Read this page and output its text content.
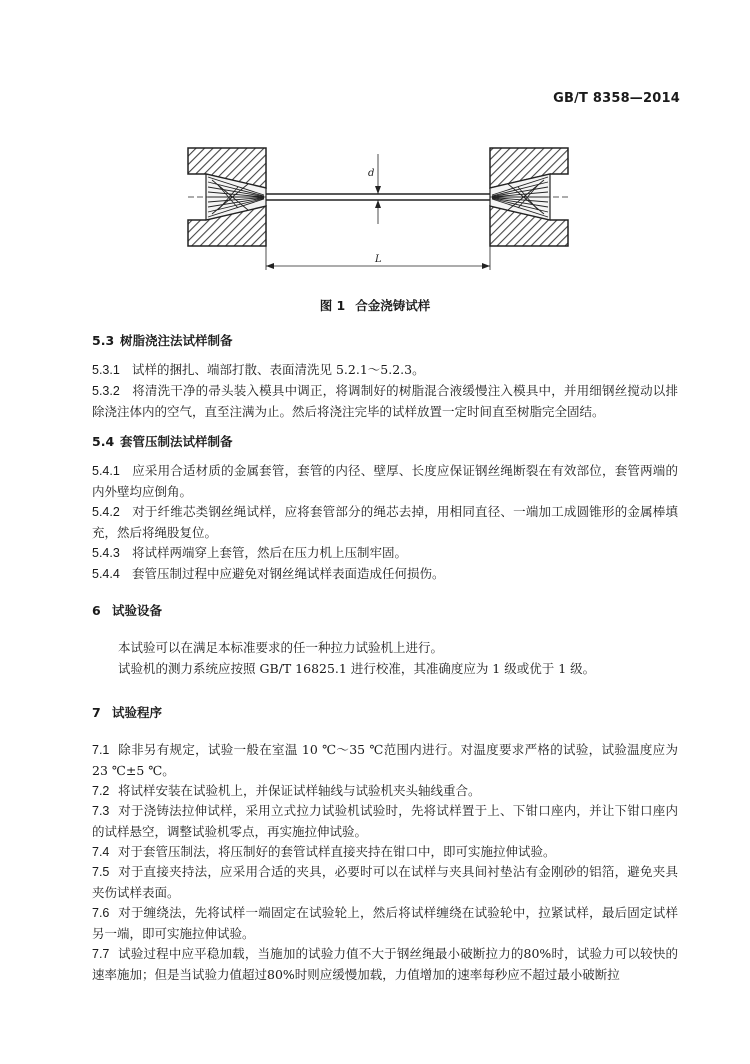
GB/T 8358—2014
d
L
图 1 合金浇铸试样
5.3 树脂浇注法试样制备
5.3.1 试样的捆扎、端部打散、表面清洗见 5.2.1～5.2.3。
5.3.2 将清洗干净的帚头装入模具中调正，将调制好的树脂混合液缓慢注入模具中，并用细钢丝搅动以排除浇注体内的空气，直至注满为止。然后将浇注完毕的试样放置一定时间直至树脂完全固结。
5.4 套管压制法试样制备
5.4.1 应采用合适材质的金属套管，套管的内径、壁厚、长度应保证钢丝绳断裂在有效部位，套管两端的内外壁均应倒角。
5.4.2 对于纤维芯类钢丝绳试样，应将套管部分的绳芯去掉，用相同直径、一端加工成圆锥形的金属棒填充，然后将绳股复位。
5.4.3 将试样两端穿上套管，然后在压力机上压制牢固。
5.4.4 套管压制过程中应避免对钢丝绳试样表面造成任何损伤。
6 试验设备
本试验可以在满足本标准要求的任一种拉力试验机上进行。
试验机的测力系统应按照 GB/T 16825.1 进行校准，其准确度应为 1 级或优于 1 级。
7 试验程序
7.1 除非另有规定，试验一般在室温 10 ℃～35 ℃范围内进行。对温度要求严格的试验，试验温度应为 23 ℃±5 ℃。
7.2 将试样安装在试验机上，并保证试样轴线与试验机夹头轴线重合。
7.3 对于浇铸法拉伸试样，采用立式拉力试验机试验时，先将试样置于上、下钳口座内，并让下钳口座内的试样悬空，调整试验机零点，再实施拉伸试验。
7.4 对于套管压制法，将压制好的套管试样直接夹持在钳口中，即可实施拉伸试验。
7.5 对于直接夹持法，应采用合适的夹具，必要时可以在试样与夹具间衬垫沾有金刚砂的铝箔，避免夹具夹伤试样表面。
7.6 对于缠绕法，先将试样一端固定在试验轮上，然后将试样缠绕在试验轮中，拉紧试样，最后固定试样另一端，即可实施拉伸试验。
7.7 试验过程中应平稳加载，当施加的试验力值不大于钢丝绳最小破断拉力的80%时，试验力可以较快的速率施加；但是当试验力值超过80%时则应缓慢加载，力值增加的速率每秒应不超过最小破断拉
